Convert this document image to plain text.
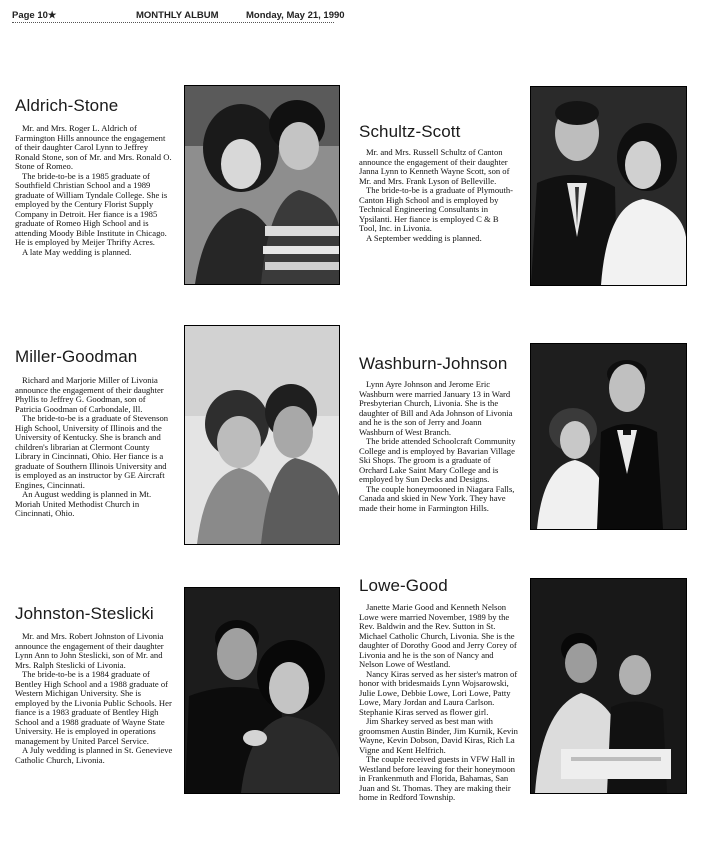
Page 10★	MONTHLY ALBUM	Monday, May 21, 1990
Aldrich-Stone

Mr. and Mrs. Roger L. Aldrich of Farmington Hills announce the engagement of their daughter Carol Lynn to Jeffrey Ronald Stone, son of Mr. and Mrs. Ronald O. Stone of Romeo.

The bride-to-be is a 1985 graduate of Southfield Christian School and a 1989 graduate of William Tyndale College. She is employed by the Century Florist Supply Company in Detroit. Her fiance is a 1985 graduate of Romeo High School and is attending Moody Bible Institute in Chicago. He is employed by Meijer Thrifty Acres.

A late May wedding is planned.

Schultz-Scott

Mr. and Mrs. Russell Schultz of Canton announce the engagement of their daughter Janna Lynn to Kenneth Wayne Scott, son of Mr. and Mrs. Frank Lyson of Belleville.

The bride-to-be is a graduate of Plymouth-Canton High School and is employed by Technical Engineering Consultants in Ypsilanti. Her fiance is employed C & B Tool, Inc. in Livonia.

A September wedding is planned.

Miller-Goodman

Richard and Marjorie Miller of Livonia announce the engagement of their daughter Phyllis to Jeffrey G. Goodman, son of Patricia Goodman of Carbondale, Ill.

The bride-to-be is a graduate of Stevenson High School, University of Illinois and the University of Kentucky. She is branch and children's librarian at Clermont County Library in Cincinnati, Ohio. Her fiance is a graduate of Southern Illinois University and is employed as an instructor by GE Aircraft Engines, Cincinnati.

An August wedding is planned in Mt. Moriah United Methodist Church in Cincinnati, Ohio.

Washburn-Johnson

Lynn Ayre Johnson and Jerome Eric Washburn were married January 13 in Ward Presbyterian Church, Livonia. She is the daughter of Bill and Ada Johnson of Livonia and he is the son of Jerry and Joann Washburn of West Branch.

The bride attended Schoolcraft Community College and is employed by Bavarian Village Ski Shops. The groom is a graduate of Orchard Lake Saint Mary College and is employed by Sun Decks and Designs.

The couple honeymooned in Niagara Falls, Canada and skied in New York. They have made their home in Farmington Hills.

Johnston-Steslicki

Mr. and Mrs. Robert Johnston of Livonia announce the engagement of their daughter Lynn Ann to John Steslicki, son of Mr. and Mrs. Ralph Steslicki of Livonia.

The bride-to-be is a 1984 graduate of Bentley High School and a 1988 graduate of Western Michigan University. She is employed by the Livonia Public Schools. Her fiance is a 1983 graduate of Bentley High School and a 1988 graduate of Wayne State University. He is employed in operations management by United Parcel Service.

A July wedding is planned in St. Genevieve Catholic Church, Livonia.

Lowe-Good

Janette Marie Good and Kenneth Nelson Lowe were married November, 1989 by the Rev. Baldwin and the Rev. Sutton in St. Michael Catholic Church, Livonia. She is the daughter of Dorothy Good and Jerry Corey of Livonia and he is the son of Nancy and Nelson Lowe of Westland.

Nancy Kiras served as her sister's matron of honor with bridesmaids Lynn Wojsarowski, Julie Lowe, Debbie Lowe, Lori Lowe, Patty Lowe, Mary Jordan and Laura Carlson. Stephanie Kiras served as flower girl.

Jim Sharkey served as best man with groomsmen Austin Binder, Jim Kurnik, Kevin Wayne, Kevin Dobson, David Kiras, Rich La Vigne and Kent Helfrich.

The couple received guests in VFW Hall in Westland before leaving for their honeymoon in Frankenmuth and Florida, Bahamas, San Juan and St. Thomas. They are making their home in Redford Township.
